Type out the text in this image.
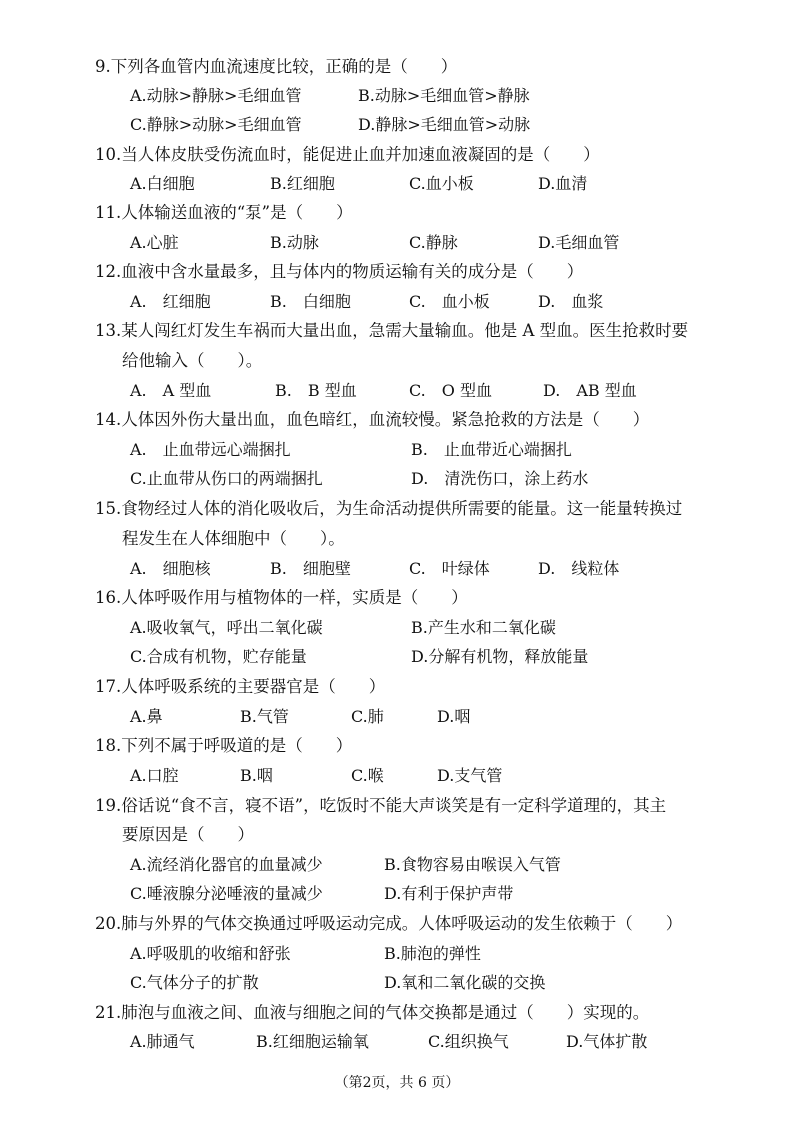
9.下列各血管内血流速度比较，正确的是（　　）
A.动脉>静脉>毛细血管	B.动脉>毛细血管>静脉
C.静脉>动脉>毛细血管	D.静脉>毛细血管>动脉
10.当人体皮肤受伤流血时，能促进止血并加速血液凝固的是（　　）
A.白细胞	B.红细胞	C.血小板	D.血清
11.人体输送血液的“泵”是（　　）
A.心脏	B.动脉	C.静脉	D.毛细血管
12.血液中含水量最多，且与体内的物质运输有关的成分是（　　）
A.　红细胞	B.　白细胞	C.　血小板	D.　血浆
13.某人闯红灯发生车祸而大量出血，急需大量输血。他是 A 型血。医生抢救时要
给他输入（　　）。
A.　A 型血	B.　B 型血	C.　O 型血	D.　AB 型血
14.人体因外伤大量出血，血色暗红，血流较慢。紧急抢救的方法是（　　）
A.　止血带远心端捆扎	B.　止血带近心端捆扎
C.止血带从伤口的两端捆扎	D.　清洗伤口，涂上药水
15.食物经过人体的消化吸收后，为生命活动提供所需要的能量。这一能量转换过
程发生在人体细胞中（　　）。
A.　细胞核	B.　细胞壁	C.　叶绿体	D.　线粒体
16.人体呼吸作用与植物体的一样，实质是（　　）
A.吸收氧气，呼出二氧化碳	B.产生水和二氧化碳
C.合成有机物，贮存能量	D.分解有机物，释放能量
17.人体呼吸系统的主要器官是（　　）
A.鼻	B.气管	C.肺	D.咽
18.下列不属于呼吸道的是（　　）
A.口腔	B.咽	C.喉	D.支气管
19.俗话说“食不言，寝不语”，吃饭时不能大声谈笑是有一定科学道理的，其主
要原因是（　　）
A.流经消化器官的血量减少	B.食物容易由喉误入气管
C.唾液腺分泌唾液的量减少	D.有利于保护声带
20.肺与外界的气体交换通过呼吸运动完成。人体呼吸运动的发生依赖于（　　）
A.呼吸肌的收缩和舒张	B.肺泡的弹性
C.气体分子的扩散	D.氧和二氧化碳的交换
21.肺泡与血液之间、血液与细胞之间的气体交换都是通过（　　）实现的。
A.肺通气	B.红细胞运输氧	C.组织换气	D.气体扩散
（第2页，共 6 页）
